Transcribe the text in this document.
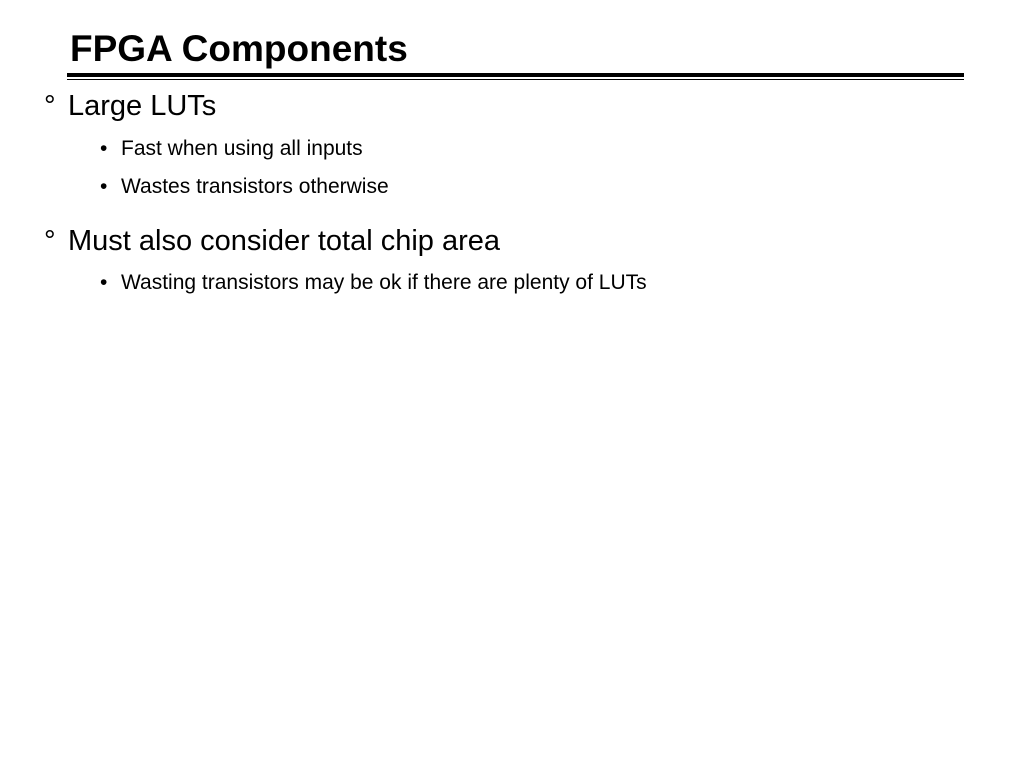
FPGA Components
° Large LUTs
• Fast when using all inputs
• Wastes transistors otherwise
° Must also consider total chip area
• Wasting transistors may be ok if there are plenty of LUTs
